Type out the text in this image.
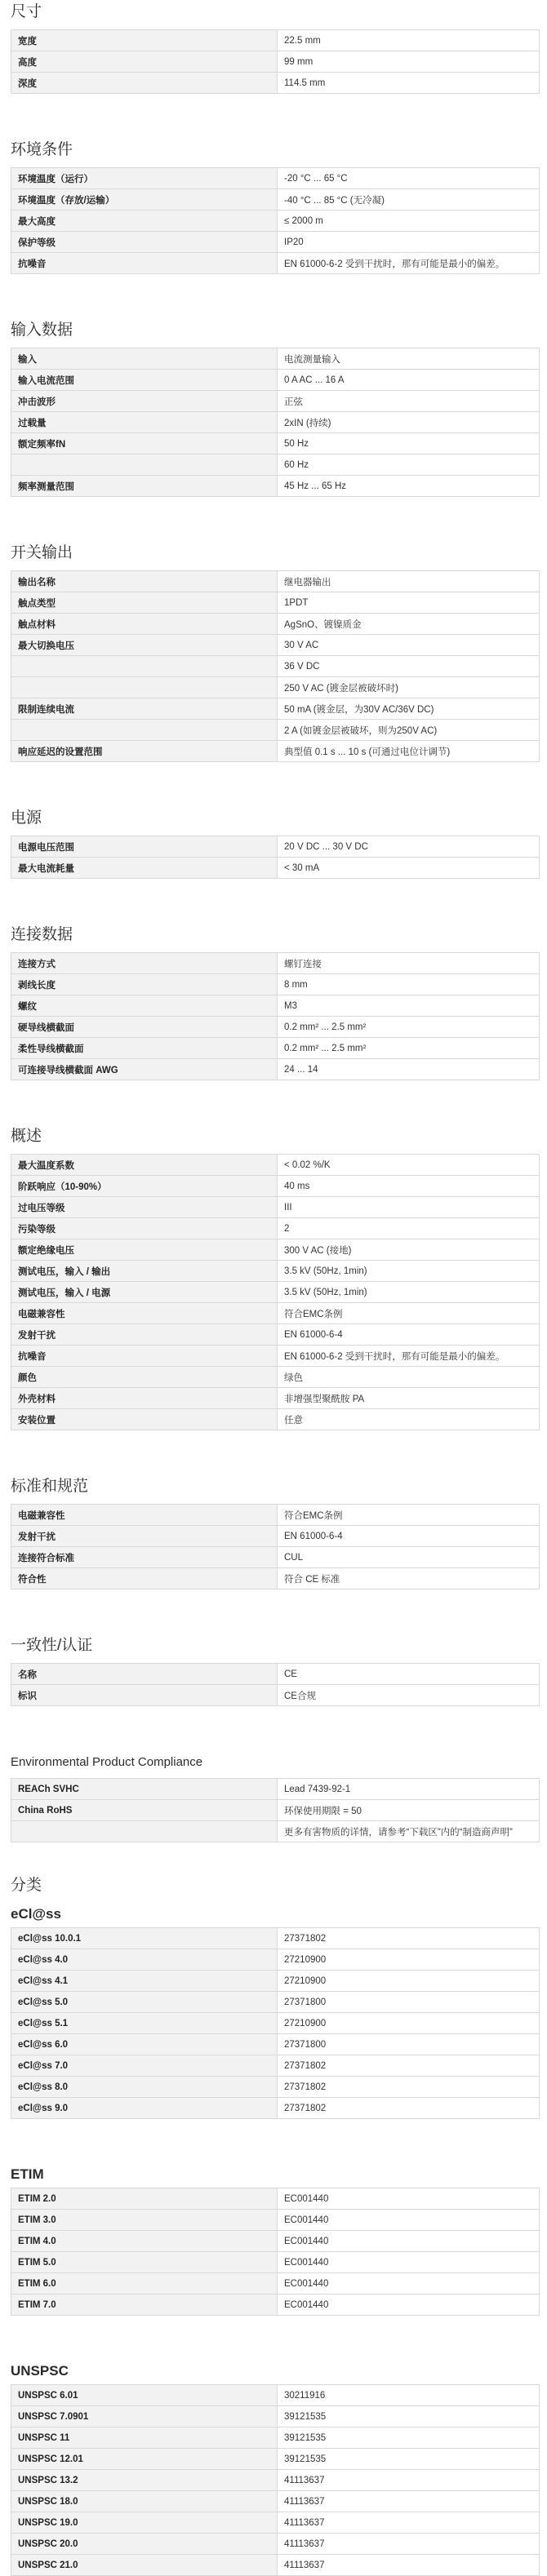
尺寸
宽度	22.5 mm
高度	99 mm
深度	114.5 mm
环境条件
环境温度（运行）	-20 °C ... 65 °C
环境温度（存放/运输）	-40 °C ... 85 °C (无冷凝)
最大高度	≤ 2000 m
保护等级	IP20
抗噪音	EN 61000-6-2 受到干扰时，那有可能是最小的偏差。
输入数据
输入	电流测量输入
输入电流范围	0 A AC ... 16 A
冲击波形	正弦
过载量	2xIN (持续)
额定频率fN	50 Hz
	60 Hz
频率测量范围	45 Hz ... 65 Hz
开关输出
输出名称	继电器输出
触点类型	1PDT
触点材料	AgSnO、镀镍质金
最大切换电压	30 V AC
	36 V DC
	250 V AC (镀金层被破坏时)
限制连续电流	50 mA (镀金层，为30V AC/36V DC)
	2 A (如镀金层被破坏，则为250V AC)
响应延迟的设置范围	典型值 0.1 s ... 10 s (可通过电位计调节)
电源
电源电压范围	20 V DC ... 30 V DC
最大电流耗量	< 30 mA
连接数据
连接方式	螺钉连接
剥线长度	8 mm
螺纹	M3
硬导线横截面	0.2 mm² ... 2.5 mm²
柔性导线横截面	0.2 mm² ... 2.5 mm²
可连接导线横截面 AWG	24 ... 14
概述
最大温度系数	< 0.02 %/K
阶跃响应（10-90%）	40 ms
过电压等级	III
污染等级	2
额定绝缘电压	300 V AC (接地)
测试电压，输入 / 输出	3.5 kV (50Hz, 1min)
测试电压，输入 / 电源	3.5 kV (50Hz, 1min)
电磁兼容性	符合EMC条例
发射干扰	EN 61000-6-4
抗噪音	EN 61000-6-2 受到干扰时，那有可能是最小的偏差。
颜色	绿色
外壳材料	非增强型聚酰胺 PA
安装位置	任意
标准和规范
电磁兼容性	符合EMC条例
发射干扰	EN 61000-6-4
连接符合标准	CUL
符合性	符合 CE 标准
一致性/认证
名称	CE
标识	CE合规
Environmental Product Compliance
REACh SVHC	Lead 7439-92-1
China RoHS	环保使用期限 = 50
	更多有害物质的详情，请参考“下载区”内的“制造商声明”
分类
eCl@ss
eCl@ss 10.0.1	27371802
eCl@ss 4.0	27210900
eCl@ss 4.1	27210900
eCl@ss 5.0	27371800
eCl@ss 5.1	27210900
eCl@ss 6.0	27371800
eCl@ss 7.0	27371802
eCl@ss 8.0	27371802
eCl@ss 9.0	27371802
ETIM
ETIM 2.0	EC001440
ETIM 3.0	EC001440
ETIM 4.0	EC001440
ETIM 5.0	EC001440
ETIM 6.0	EC001440
ETIM 7.0	EC001440
UNSPSC
UNSPSC 6.01	30211916
UNSPSC 7.0901	39121535
UNSPSC 11	39121535
UNSPSC 12.01	39121535
UNSPSC 13.2	41113637
UNSPSC 18.0	41113637
UNSPSC 19.0	41113637
UNSPSC 20.0	41113637
UNSPSC 21.0	41113637
